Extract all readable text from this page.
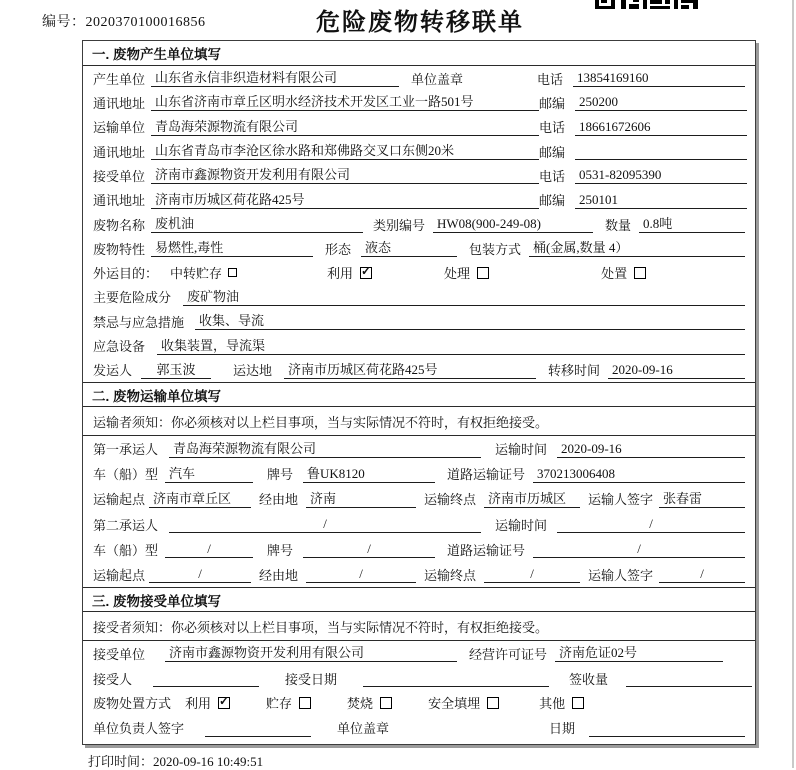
编号：2020370100016856	危险废物转移联单
一. 废物产生单位填写
产生单位 山东省永信非织造材料有限公司	单位盖章	电话	13854169160
通讯地址 山东省济南市章丘区明水经济技术开发区工业一路501号	邮编	250200
运输单位 青岛海荣源物流有限公司	电话	18661672606
通讯地址 山东省青岛市李沧区徐水路和郑佛路交叉口东侧20米	邮编
接受单位 济南市鑫源物资开发利用有限公司	电话	0531-82095390
通讯地址 济南市历城区荷花路425号	邮编	250101
废物名称 废机油	类别编号 HW08(900-249-08)	数量 0.8吨
废物特性 易燃性,毒性	形态	液态	包装方式 桶(金属,数量 4）
外运目的： 中转贮存	利用 ✓	处理	处置
主要危险成分	废矿物油
禁忌与应急措施	收集、导流
应急设备	收集装置，导流渠
发运人	郭玉波	运达地	济南市历城区荷花路425号	转移时间 2020-09-16
二. 废物运输单位填写
运输者须知：你必须核对以上栏目事项，当与实际情况不符时，有权拒绝接受。
第一承运人	青岛海荣源物流有限公司	运输时间	2020-09-16
车（船）型 汽车	牌号	鲁UK8120	道路运输证号 370213006408
运输起点 济南市章丘区	经由地 济南	运输终点 济南市历城区	运输人签字 张春雷
第二承运人	/	运输时间	/
车（船）型	/	牌号	/	道路运输证号	/
运输起点	/	经由地	/	运输终点	/	运输人签字	/
三. 废物接受单位填写
接受者须知：你必须核对以上栏目事项，当与实际情况不符时，有权拒绝接受。
接受单位	济南市鑫源物资开发利用有限公司	经营许可证号 济南危证02号
接受人	接受日期	签收量
废物处置方式 利用 ✓	贮存	焚烧	安全填埋	其他
单位负责人签字	单位盖章	日期
打印时间：2020-09-16 10:49:51
